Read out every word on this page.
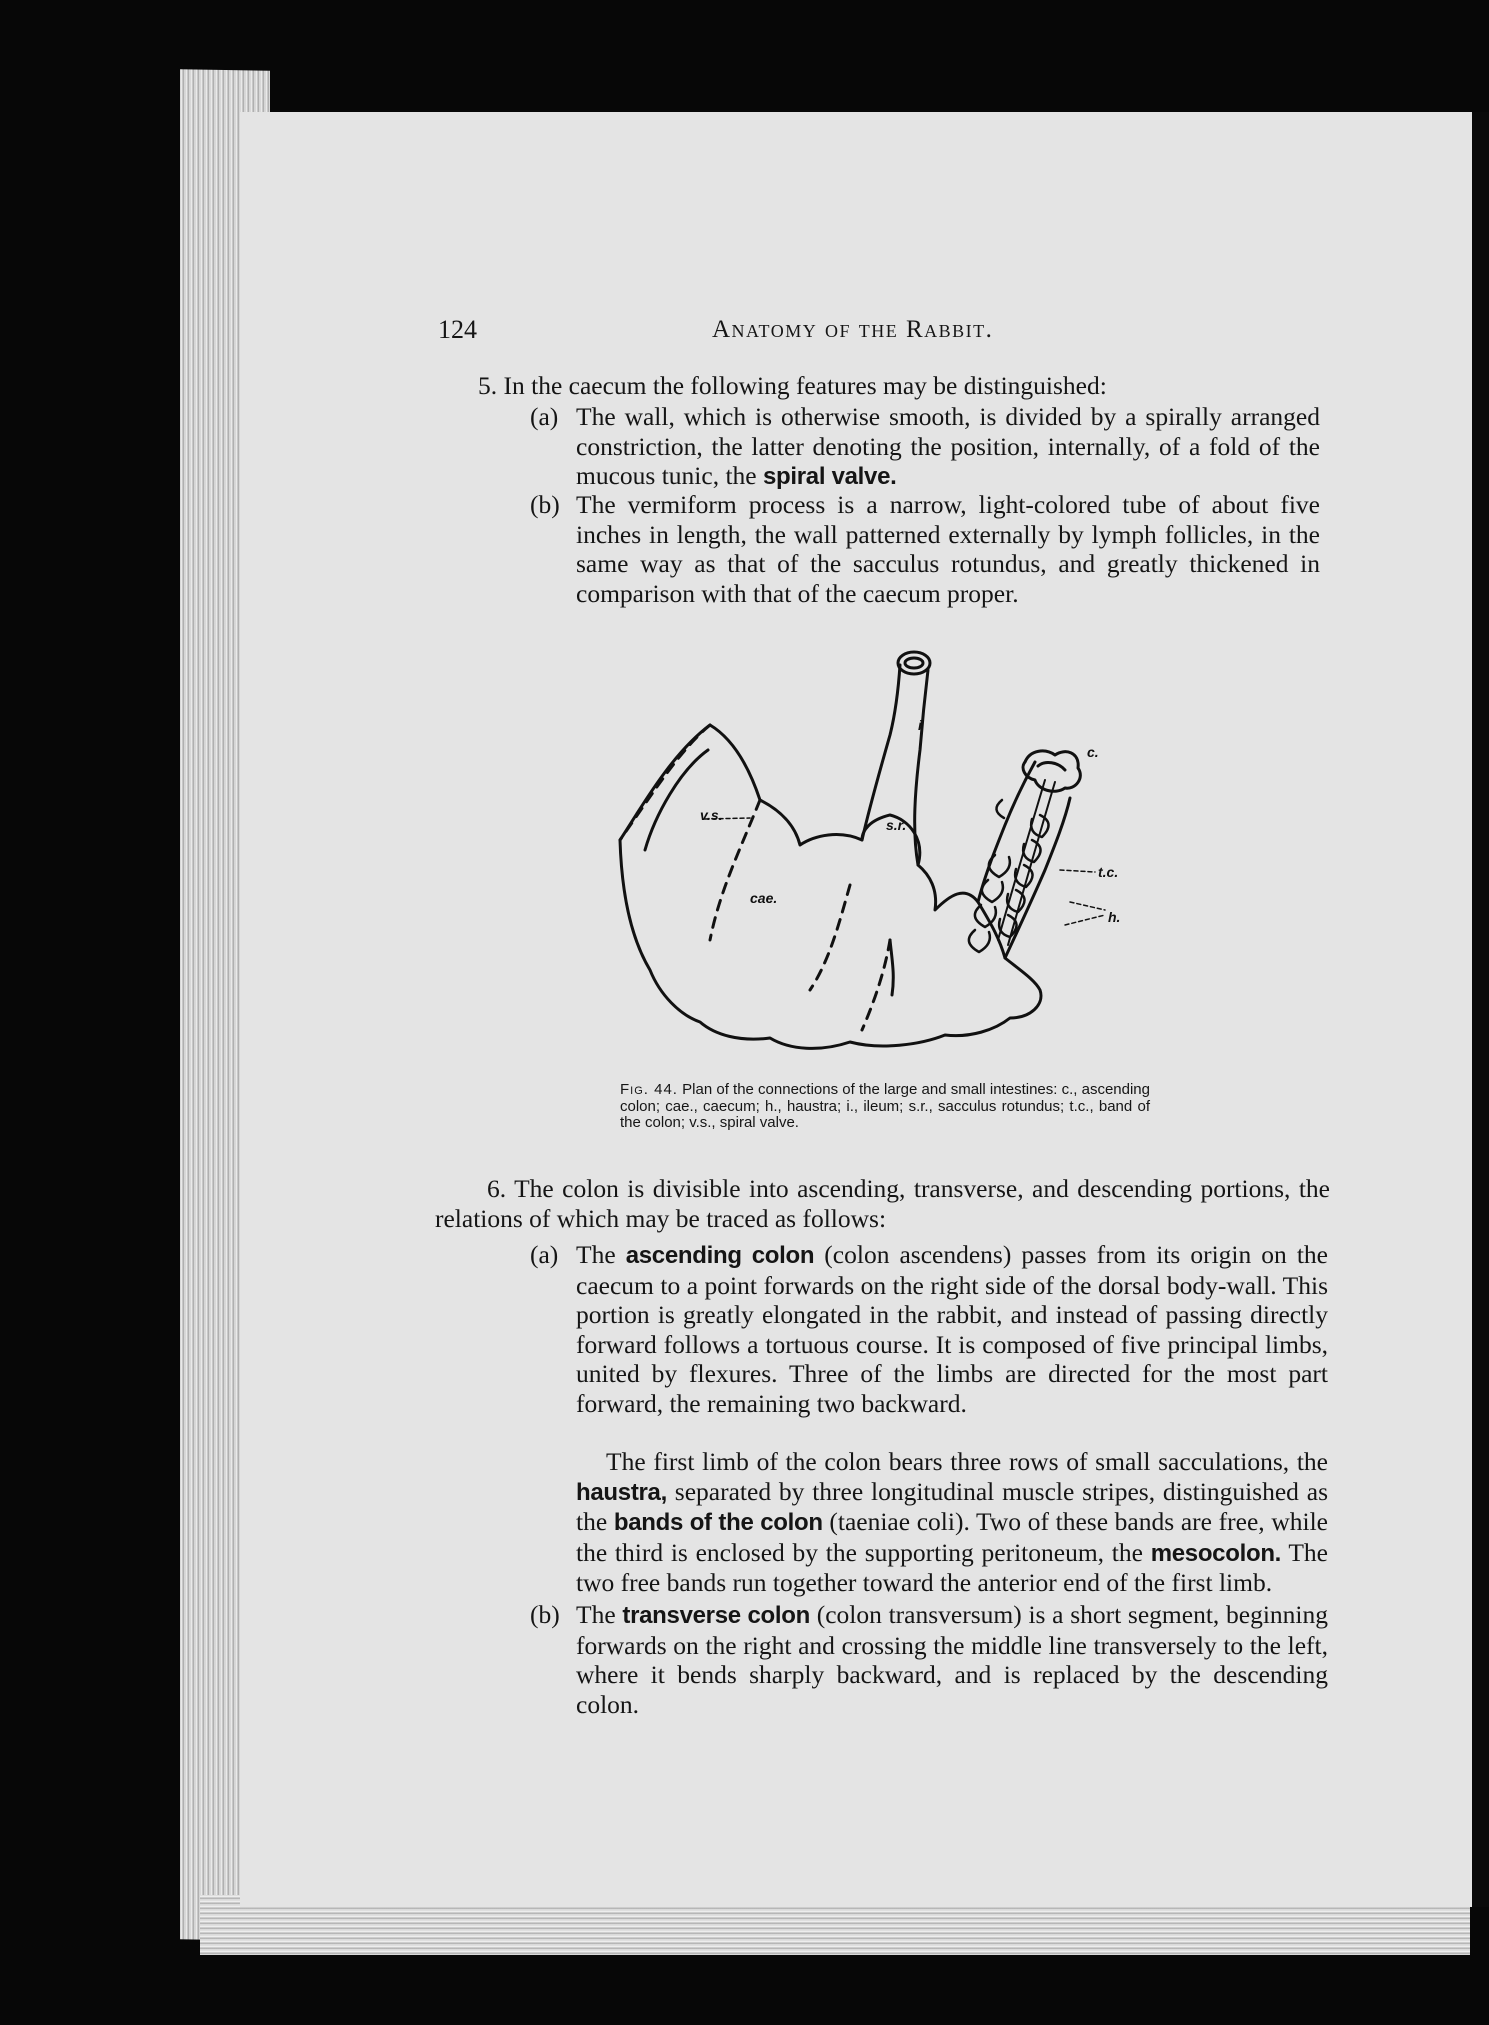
124	Anatomy of the Rabbit.

5. In the caecum the following features may be distinguished:

(a) The wall, which is otherwise smooth, is divided by a spirally arranged constriction, the latter denoting the position, internally, of a fold of the mucous tunic, the spiral valve.
(b) The vermiform process is a narrow, light-colored tube of about five inches in length, the wall patterned externally by lymph follicles, in the same way as that of the sacculus rotundus, and greatly thickened in comparison with that of the caecum proper.
i
c.
v.s.
s.r.
cae.
t.c.
h.

Fig. 44. Plan of the connections of the large and small intestines: c., ascending colon; cae., caecum; h., haustra; i., ileum; s.r., sacculus rotundus; t.c., band of the colon; v.s., spiral valve.

6. The colon is divisible into ascending, transverse, and descending portions, the relations of which may be traced as follows:

(a) The ascending colon (colon ascendens) passes from its origin on the caecum to a point forwards on the right side of the dorsal body-wall. This portion is greatly elongated in the rabbit, and instead of passing directly forward follows a tortuous course. It is composed of five principal limbs, united by flexures. Three of the limbs are directed for the most part forward, the remaining two backward.
The first limb of the colon bears three rows of small sacculations, the haustra, separated by three longitudinal muscle stripes, distinguished as the bands of the colon (taeniae coli). Two of these bands are free, while the third is enclosed by the supporting peritoneum, the mesocolon. The two free bands run together toward the anterior end of the first limb.
(b) The transverse colon (colon transversum) is a short segment, beginning forwards on the right and crossing the middle line transversely to the left, where it bends sharply backward, and is replaced by the descending colon.
